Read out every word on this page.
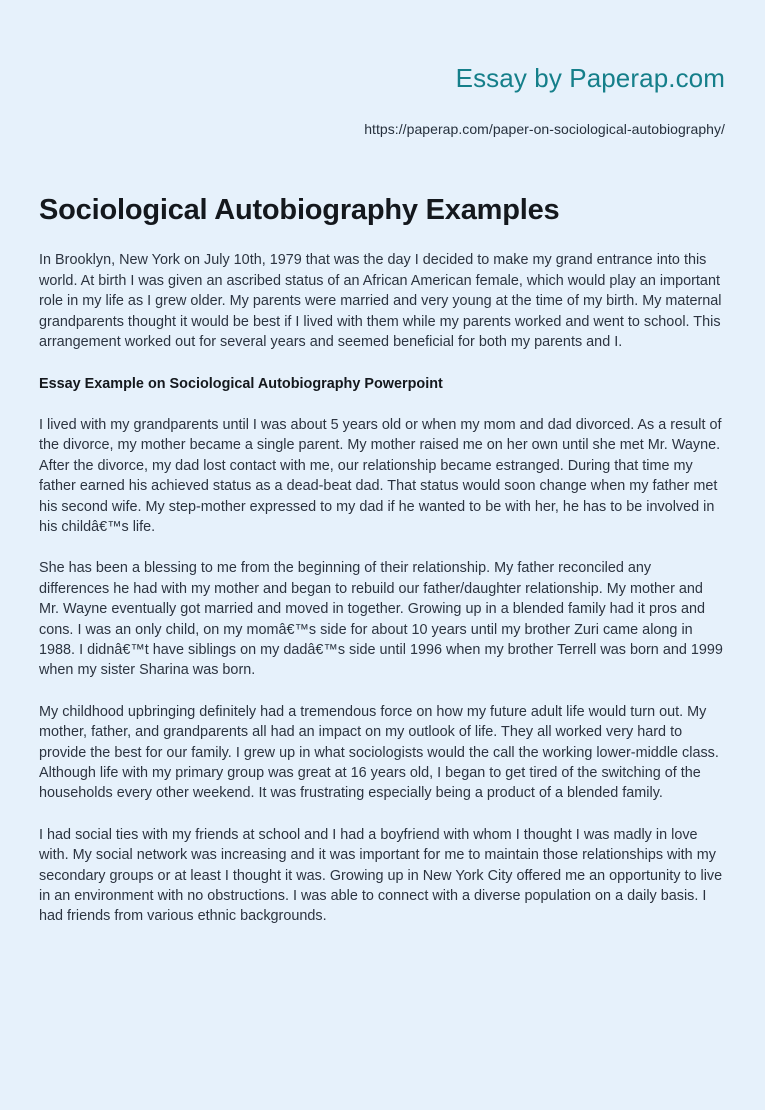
Essay by Paperap.com
https://paperap.com/paper-on-sociological-autobiography/
Sociological Autobiography Examples

In Brooklyn, New York on July 10th, 1979 that was the day I decided to make my grand entrance into this world. At birth I was given an ascribed status of an African American female, which would play an important role in my life as I grew older. My parents were married and very young at the time of my birth. My maternal grandparents thought it would be best if I lived with them while my parents worked and went to school. This arrangement worked out for several years and seemed beneficial for both my parents and I.

Essay Example on Sociological Autobiography Powerpoint

I lived with my grandparents until I was about 5 years old or when my mom and dad divorced. As a result of the divorce, my mother became a single parent. My mother raised me on her own until she met Mr. Wayne. After the divorce, my dad lost contact with me, our relationship became estranged. During that time my father earned his achieved status as a dead-beat dad. That status would soon change when my father met his second wife. My step-mother expressed to my dad if he wanted to be with her, he has to be involved in his childâ€™s life.

She has been a blessing to me from the beginning of their relationship. My father reconciled any differences he had with my mother and began to rebuild our father/daughter relationship. My mother and Mr. Wayne eventually got married and moved in together. Growing up in a blended family had it pros and cons. I was an only child, on my momâ€™s side for about 10 years until my brother Zuri came along in 1988. I didnâ€™t have siblings on my dadâ€™s side until 1996 when my brother Terrell was born and 1999 when my sister Sharina was born.

My childhood upbringing definitely had a tremendous force on how my future adult life would turn out. My mother, father, and grandparents all had an impact on my outlook of life. They all worked very hard to provide the best for our family. I grew up in what sociologists would the call the working lower-middle class. Although life with my primary group was great at 16 years old, I began to get tired of the switching of the households every other weekend. It was frustrating especially being a product of a blended family.

I had social ties with my friends at school and I had a boyfriend with whom I thought I was madly in love with. My social network was increasing and it was important for me to maintain those relationships with my secondary groups or at least I thought it was. Growing up in New York City offered me an opportunity to live in an environment with no obstructions. I was able to connect with a diverse population on a daily basis. I had friends from various ethnic backgrounds.
